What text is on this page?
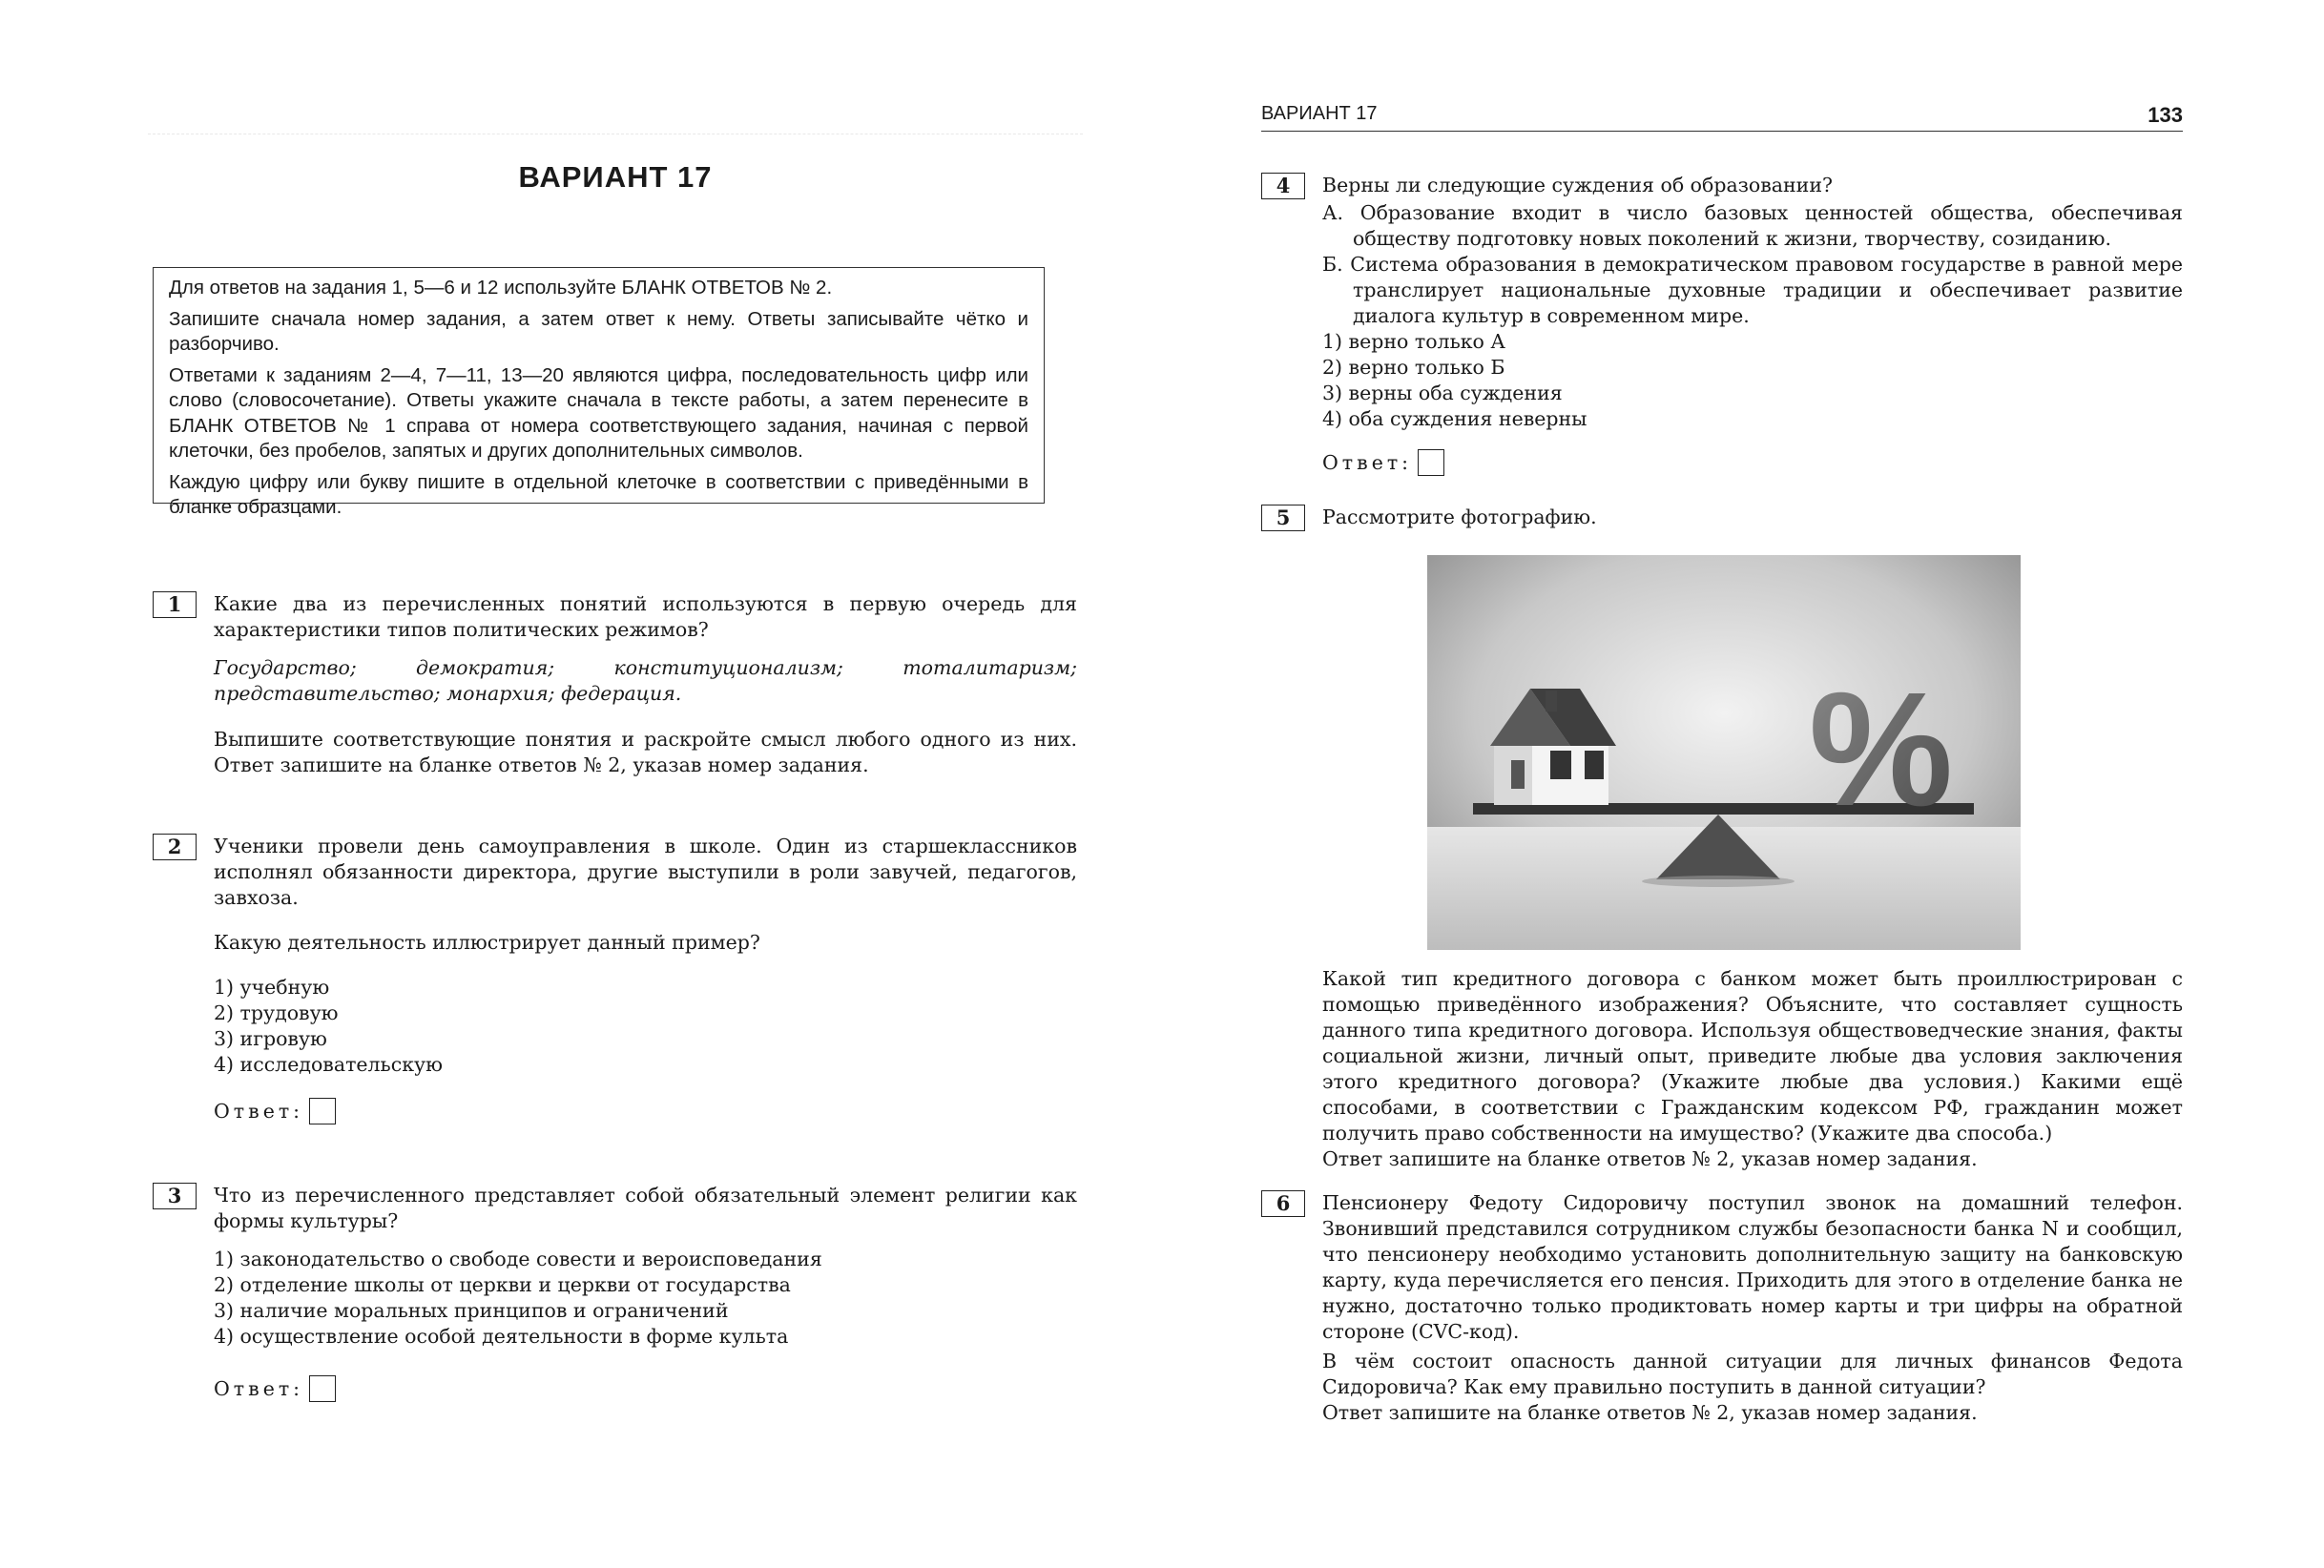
ВАРИАНТ 17

Для ответов на задания 1, 5—6 и 12 используйте БЛАНК ОТВЕТОВ № 2.

Запишите сначала номер задания, а затем ответ к нему. Ответы записывайте чётко и разборчиво.

Ответами к заданиям 2—4, 7—11, 13—20 являются цифра, последовательность цифр или слово (словосочетание). Ответы укажите сначала в тексте работы, а затем перенесите в БЛАНК ОТВЕТОВ № 1 справа от номера соответствующего задания, начиная с первой клеточки, без пробелов, запятых и других дополнительных символов.

Каждую цифру или букву пишите в отдельной клеточке в соответствии с приведёнными в бланке образцами.

1	Какие два из перечисленных понятий используются в первую очередь для характеристики типов политических режимов?

Государство; демократия; конституционализм; тоталитаризм; представительство; монархия; федерация.

Выпишите соответствующие понятия и раскройте смысл любого одного из них. Ответ запишите на бланке ответов № 2, указав номер задания.

2	Ученики провели день самоуправления в школе. Один из старшеклассников исполнял обязанности директора, другие выступили в роли завучей, педагогов, завхоза.

Какую деятельность иллюстрирует данный пример?

1) учебную
2) трудовую
3) игровую
4) исследовательскую
Ответ:
3	Что из перечисленного представляет собой обязательный элемент религии как формы культуры?

1) законодательство о свободе совести и вероисповедания
2) отделение школы от церкви и церкви от государства
3) наличие моральных принципов и ограничений
4) осуществление особой деятельности в форме культа
Ответ:
ВАРИАНТ 17	133
4	Верны ли следующие суждения об образовании?

А. Образование входит в число базовых ценностей общества, обеспечивая обществу подготовку новых поколений к жизни, творчеству, созиданию.

Б. Система образования в демократическом правовом государстве в равной мере транслирует национальные духовные традиции и обеспечивает развитие диалога культур в современном мире.

1) верно только А
2) верно только Б
3) верны оба суждения
4) оба суждения неверны
Ответ:
5	Рассмотрите фотографию.
%

Какой тип кредитного договора с банком может быть проиллюстрирован с помощью приведённого изображения? Объясните, что составляет сущность данного типа кредитного договора. Используя обществоведческие знания, факты социальной жизни, личный опыт, приведите любые два условия заключения этого кредитного договора? (Укажите любые два условия.) Какими ещё способами, в соответствии с Гражданским кодексом РФ, гражданин может получить право собственности на имущество? (Укажите два способа.)

Ответ запишите на бланке ответов № 2, указав номер задания.

6	Пенсионеру Федоту Сидоровичу поступил звонок на домашний телефон. Звонивший представился сотрудником службы безопасности банка N и сообщил, что пенсионеру необходимо установить дополнительную защиту на банковскую карту, куда перечисляется его пенсия. Приходить для этого в отделение банка не нужно, достаточно только продиктовать номер карты и три цифры на обратной стороне (CVC-код).

В чём состоит опасность данной ситуации для личных финансов Федота Сидоровича? Как ему правильно поступить в данной ситуации?

Ответ запишите на бланке ответов № 2, указав номер задания.
